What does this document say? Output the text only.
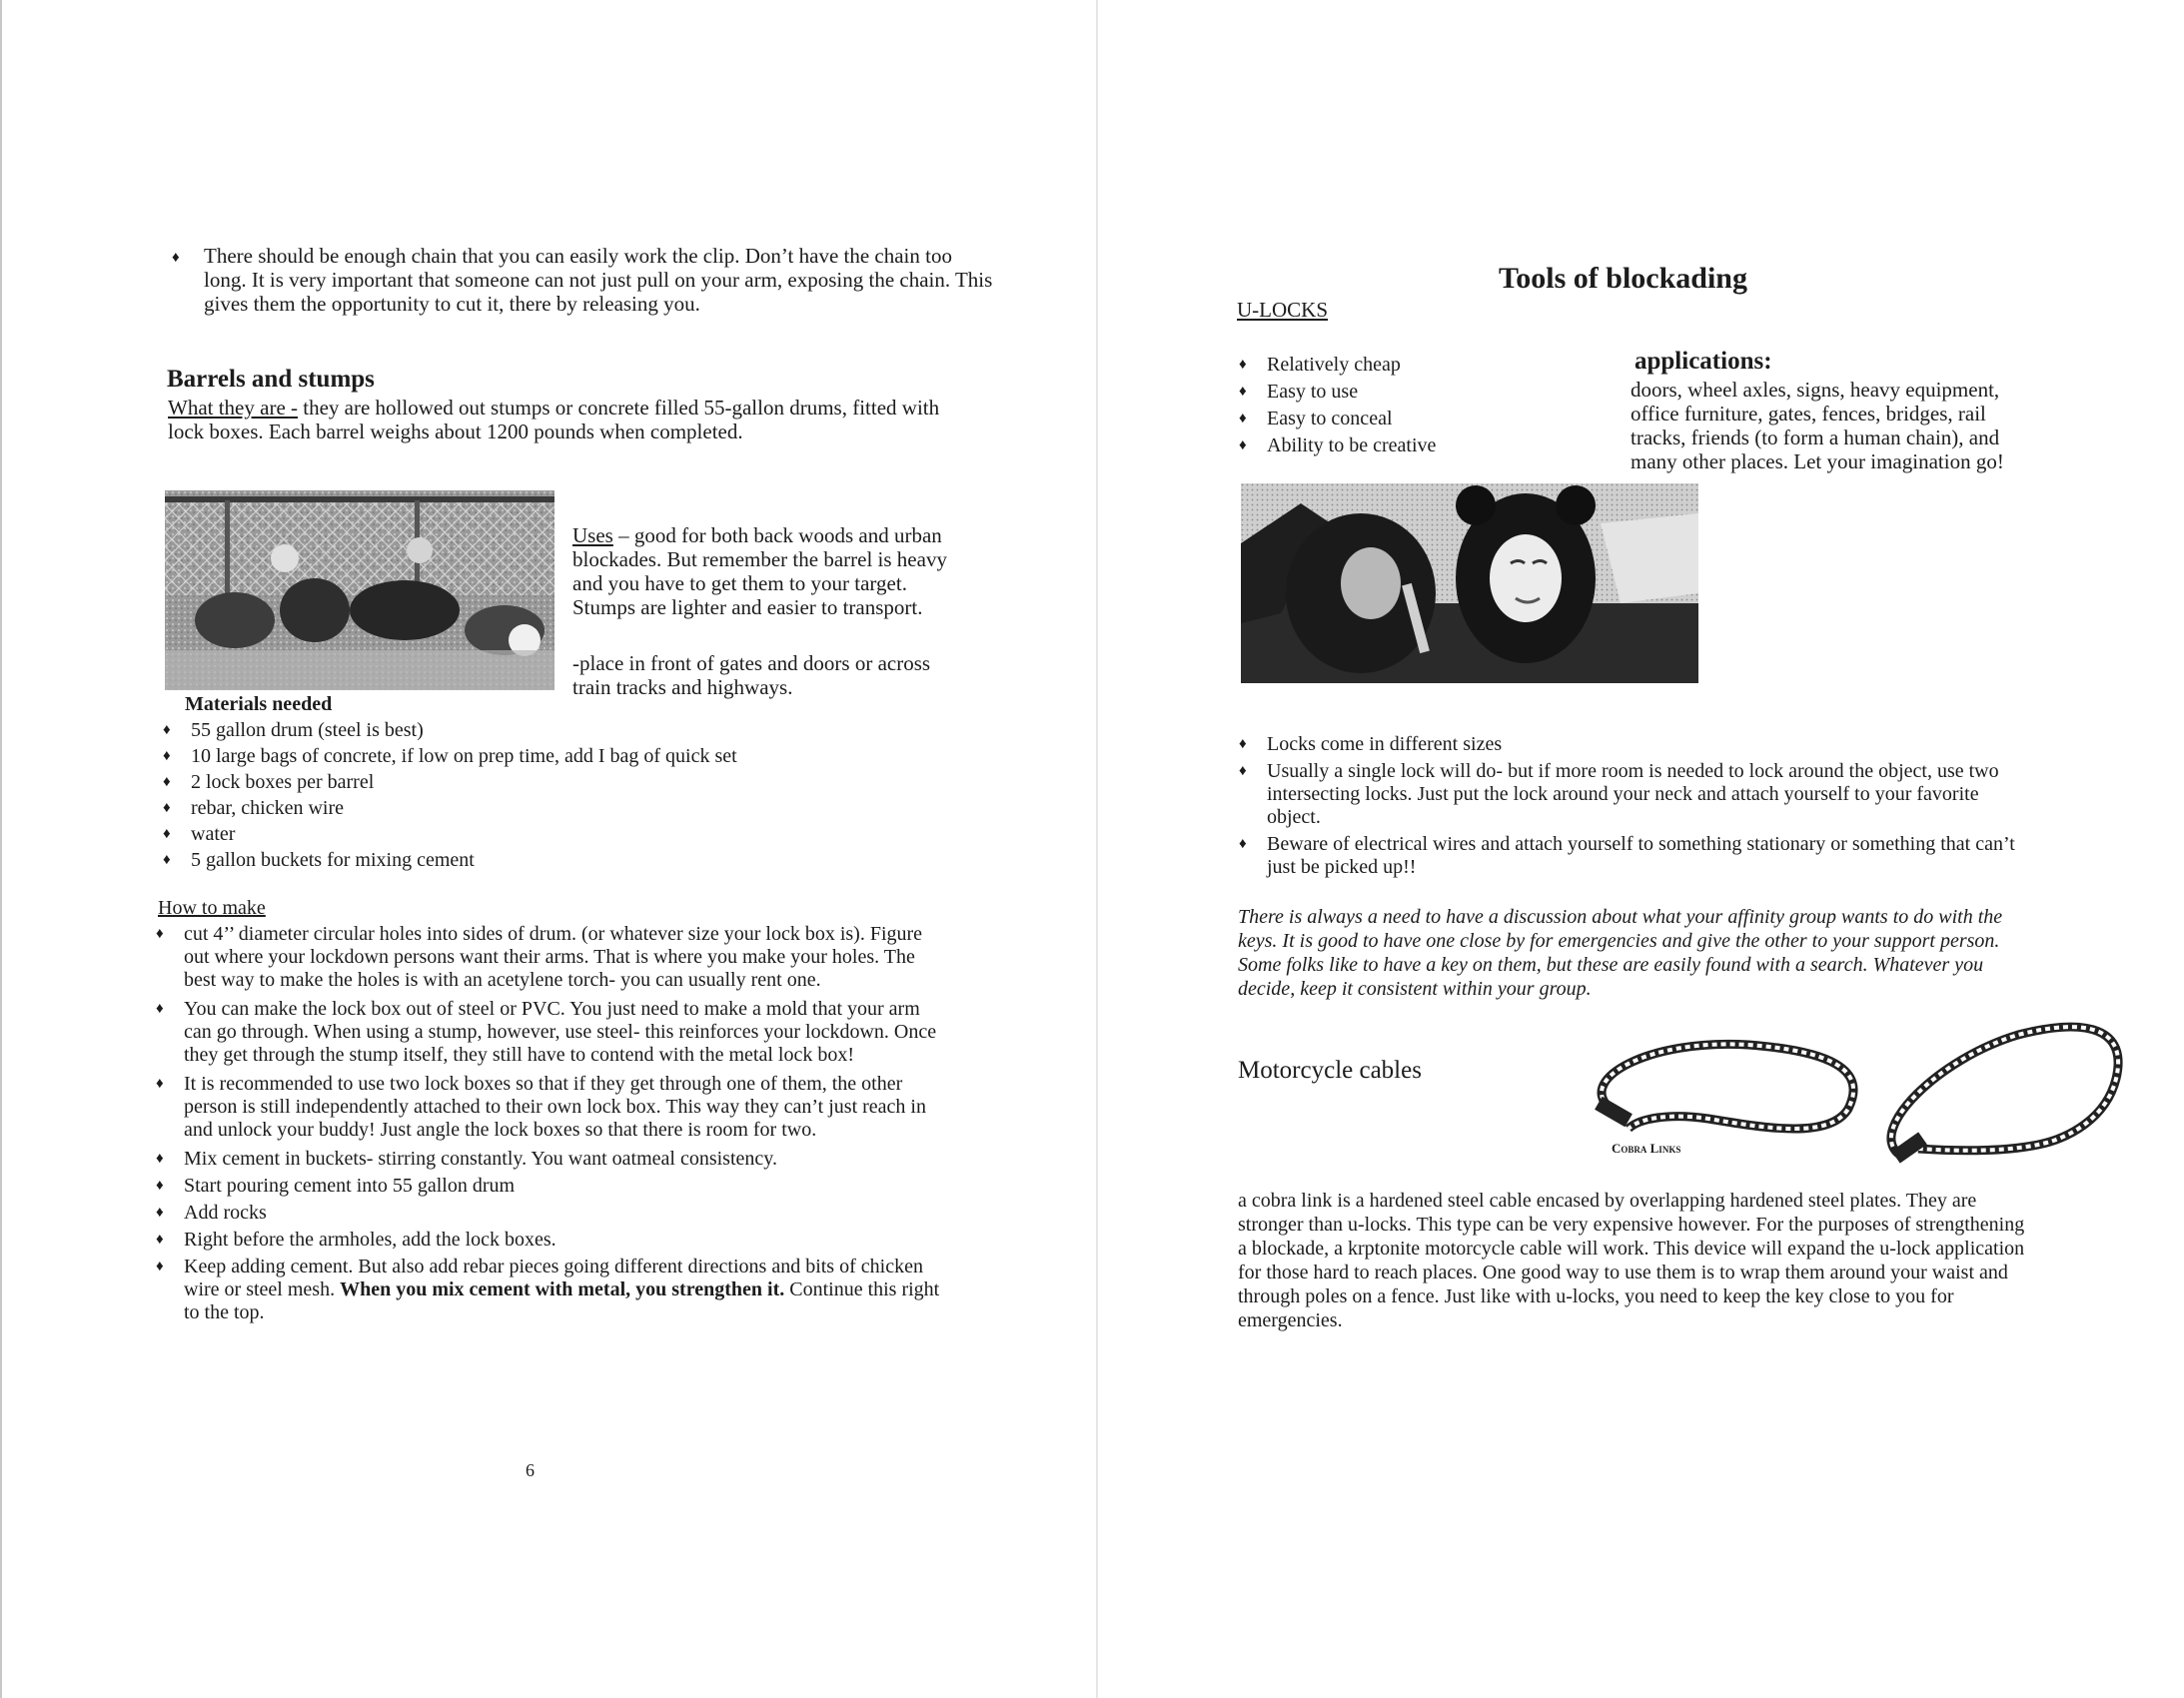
♦ There should be enough chain that you can easily work the clip. Don’t have the chain too long. It is very important that someone can not just pull on your arm, exposing the chain. This gives them the opportunity to cut it, there by releasing you.
Barrels and stumps
What they are - they are hollowed out stumps or concrete filled 55-gallon drums, fitted with lock boxes. Each barrel weighs about 1200 pounds when completed.
Uses – good for both back woods and urban blockades. But remember the barrel is heavy and you have to get them to your target. Stumps are lighter and easier to transport.
-place in front of gates and doors or across train tracks and highways.
Materials needed
♦ 55 gallon drum (steel is best)
♦ 10 large bags of concrete, if low on prep time, add I bag of quick set
♦ 2 lock boxes per barrel
♦ rebar, chicken wire
♦ water
♦ 5 gallon buckets for mixing cement
How to make
♦ cut 4’’ diameter circular holes into sides of drum. (or whatever size your lock box is). Figure out where your lockdown persons want their arms. That is where you make your holes. The best way to make the holes is with an acetylene torch- you can usually rent one.
♦ You can make the lock box out of steel or PVC. You just need to make a mold that your arm can go through. When using a stump, however, use steel- this reinforces your lockdown. Once they get through the stump itself, they still have to contend with the metal lock box!
♦ It is recommended to use two lock boxes so that if they get through one of them, the other person is still independently attached to their own lock box. This way they can’t just reach in and unlock your buddy! Just angle the lock boxes so that there is room for two.
♦ Mix cement in buckets- stirring constantly. You want oatmeal consistency.
♦ Start pouring cement into 55 gallon drum
♦ Add rocks
♦ Right before the armholes, add the lock boxes.
♦ Keep adding cement. But also add rebar pieces going different directions and bits of chicken wire or steel mesh. When you mix cement with metal, you strengthen it. Continue this right to the top.
6
Tools of blockading
U-LOCKS
♦ Relatively cheap
♦ Easy to use
♦ Easy to conceal
♦ Ability to be creative
applications:
doors, wheel axles, signs, heavy equipment, office furniture, gates, fences, bridges, rail tracks, friends (to form a human chain), and many other places. Let your imagination go!
♦ Locks come in different sizes
♦ Usually a single lock will do- but if more room is needed to lock around the object, use two intersecting locks. Just put the lock around your neck and attach yourself to your favorite object.
♦ Beware of electrical wires and attach yourself to something stationary or something that can’t just be picked up!!
There is always a need to have a discussion about what your affinity group wants to do with the keys. It is good to have one close by for emergencies and give the other to your support person. Some folks like to have a key on them, but these are easily found with a search. Whatever you decide, keep it consistent within your group.
Motorcycle cables
Cobra Links
a cobra link is a hardened steel cable encased by overlapping hardened steel plates. They are stronger than u-locks. This type can be very expensive however. For the purposes of strengthening a blockade, a krptonite motorcycle cable will work. This device will expand the u-lock application for those hard to reach places. One good way to use them is to wrap them around your waist and through poles on a fence. Just like with u-locks, you need to keep the key close to you for emergencies.
